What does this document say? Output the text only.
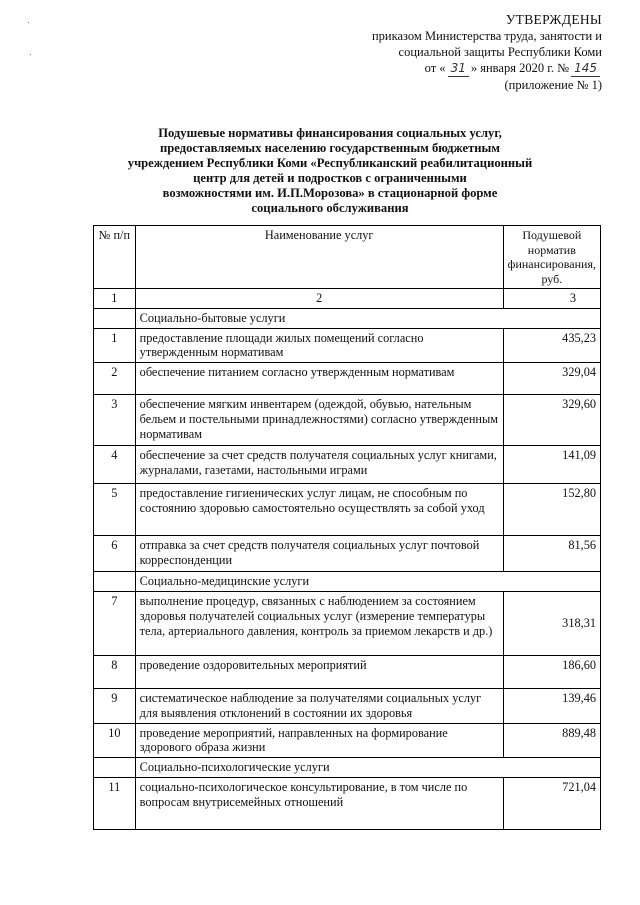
УТВЕРЖДЕНЫ
приказом Министерства труда, занятости и
социальной защиты Республики Коми
от « 31 » января 2020 г. № 145
(приложение № 1)
Подушевые нормативы финансирования социальных услуг,
предоставляемых населению государственным бюджетным
учреждением Республики Коми «Республиканский реабилитационный
центр для детей и подростков с ограниченными
возможностями им. И.П.Морозова» в стационарной форме
социального обслуживания
№ п/п	Наименование услуг	Подушевой норматив финансирования, руб.
1	2	3
	Социально-бытовые услуги	
1	предоставление площади жилых помещений согласно утвержденным нормативам	435,23
2	обеспечение питанием согласно утвержденным нормативам	329,04
3	обеспечение мягким инвентарем (одеждой, обувью, нательным бельем и постельными принадлежностями) согласно утвержденным нормативам	329,60
4	обеспечение за счет средств получателя социальных услуг книгами, журналами, газетами, настольными играми	141,09
5	предоставление гигиенических услуг лицам, не способным по состоянию здоровью самостоятельно осуществлять за собой уход	152,80
6	отправка за счет средств получателя социальных услуг почтовой корреспонденции	81,56
	Социально-медицинские услуги	
7	выполнение процедур, связанных с наблюдением за состоянием здоровья получателей социальных услуг (измерение температуры тела, артериального давления, контроль за приемом лекарств и др.)	318,31
8	проведение оздоровительных мероприятий	186,60
9	систематическое наблюдение за получателями социальных услуг для выявления отклонений в состоянии их здоровья	139,46
10	проведение мероприятий, направленных на формирование здорового образа жизни	889,48
	Социально-психологические услуги	
11	социально-психологическое консультирование, в том числе по вопросам внутрисемейных отношений	721,04
